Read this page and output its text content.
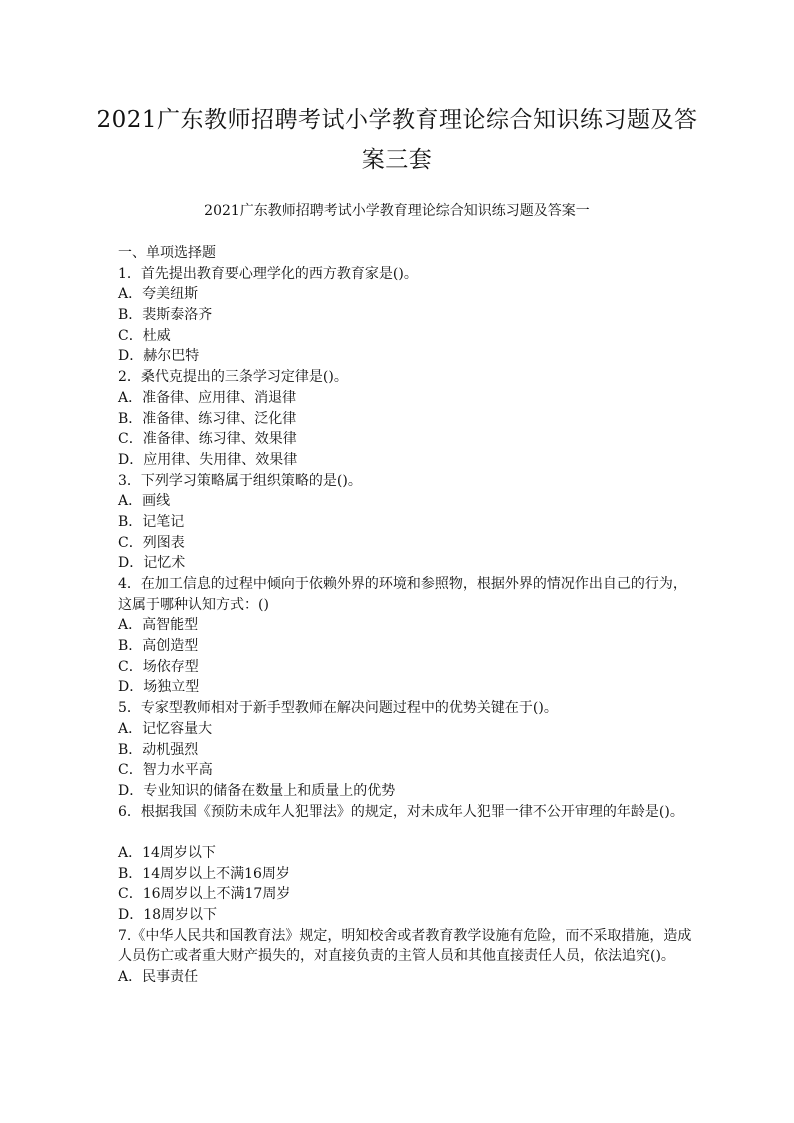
2021广东教师招聘考试小学教育理论综合知识练习题及答
案三套
2021广东教师招聘考试小学教育理论综合知识练习题及答案一
一、单项选择题
1．首先提出教育要心理学化的西方教育家是()。
A．夸美纽斯
B．裴斯泰洛齐
C．杜威
D．赫尔巴特
2．桑代克提出的三条学习定律是()。
A．准备律、应用律、消退律
B．准备律、练习律、泛化律
C．准备律、练习律、效果律
D．应用律、失用律、效果律
3．下列学习策略属于组织策略的是()。
A．画线
B．记笔记
C．列图表
D．记忆术
4．在加工信息的过程中倾向于依赖外界的环境和参照物，根据外界的情况作出自己的行为，这属于哪种认知方式：()
A．高智能型
B．高创造型
C．场依存型
D．场独立型
5．专家型教师相对于新手型教师在解决问题过程中的优势关键在于()。
A．记忆容量大
B．动机强烈
C．智力水平高
D．专业知识的储备在数量上和质量上的优势
6．根据我国《预防未成年人犯罪法》的规定，对未成年人犯罪一律不公开审理的年龄是()。
A．14周岁以下
B．14周岁以上不满16周岁
C．16周岁以上不满17周岁
D．18周岁以下
7.《中华人民共和国教育法》规定，明知校舍或者教育教学设施有危险，而不采取措施，造成人员伤亡或者重大财产损失的，对直接负责的主管人员和其他直接责任人员，依法追究()。
A．民事责任
